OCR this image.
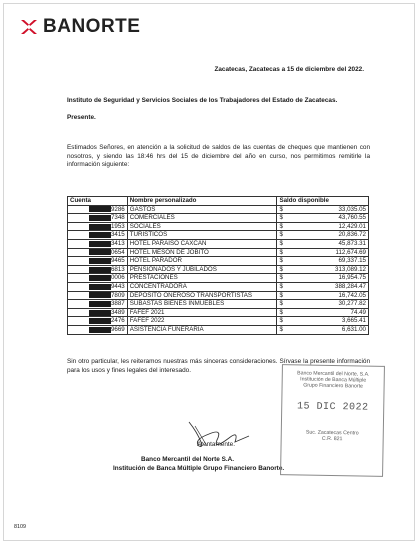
BANORTE
Zacatecas, Zacatecas a 15 de diciembre del 2022.
Instituto de Seguridad y Servicios Sociales de los Trabajadores del Estado de Zacatecas.
Presente.
Estimados Señores, en atención a la solicitud de saldos de las cuentas de cheques que mantienen con nosotros, y siendo las 18:46 hrs del 15 de diciembre del año en curso, nos permitimos remitirle la información siguiente:
Cuenta	Nombre personalizado	Saldo disponible

9286	GASTOS	$ 33,035.05

7348	COMERCIALES	$ 43,760.55

1953	SOCIALES	$ 12,429.01

3415	TURISTICOS	$ 20,836.72

3413	HOTEL PARAISO CAXCAN	$ 45,873.31

0654	HOTEL MESON DE JOBITO	$ 112,674.69

9465	HOTEL PARADOR	$ 69,337.15

6813	PENSIONADOS Y JUBILADOS	$ 313,089.12

0006	PRESTACIONES	$ 16,954.75

9443	CONCENTRADORA	$ 388,284.47

7809	DEPOSITO ONEROSO TRANSPORTISTAS	$ 16,742.05

3887	SUBASTAS BIENES INMUEBLES	$ 30,277.82

3489	FAFEF 2021	$ 74.49

2476	FAFEF 2022	$ 3,665.41

9669	ASISTENCIA FUNERARIA	$ 6,631.00
Sin otro particular, les reiteramos nuestras más sinceras consideraciones. Sírvase la presente información para los usos y fines legales del interesado.
Atentamente.
Banco Mercantil del Norte S.A.
Institución de Banca Múltiple Grupo Financiero Banorte.
Banco Mercantil del Norte, S.A.
Institución de Banca Múltiple
Grupo Financiero Banorte
15 DIC 2022
Suc. Zacatecas Centro
C.R. 821
8109
